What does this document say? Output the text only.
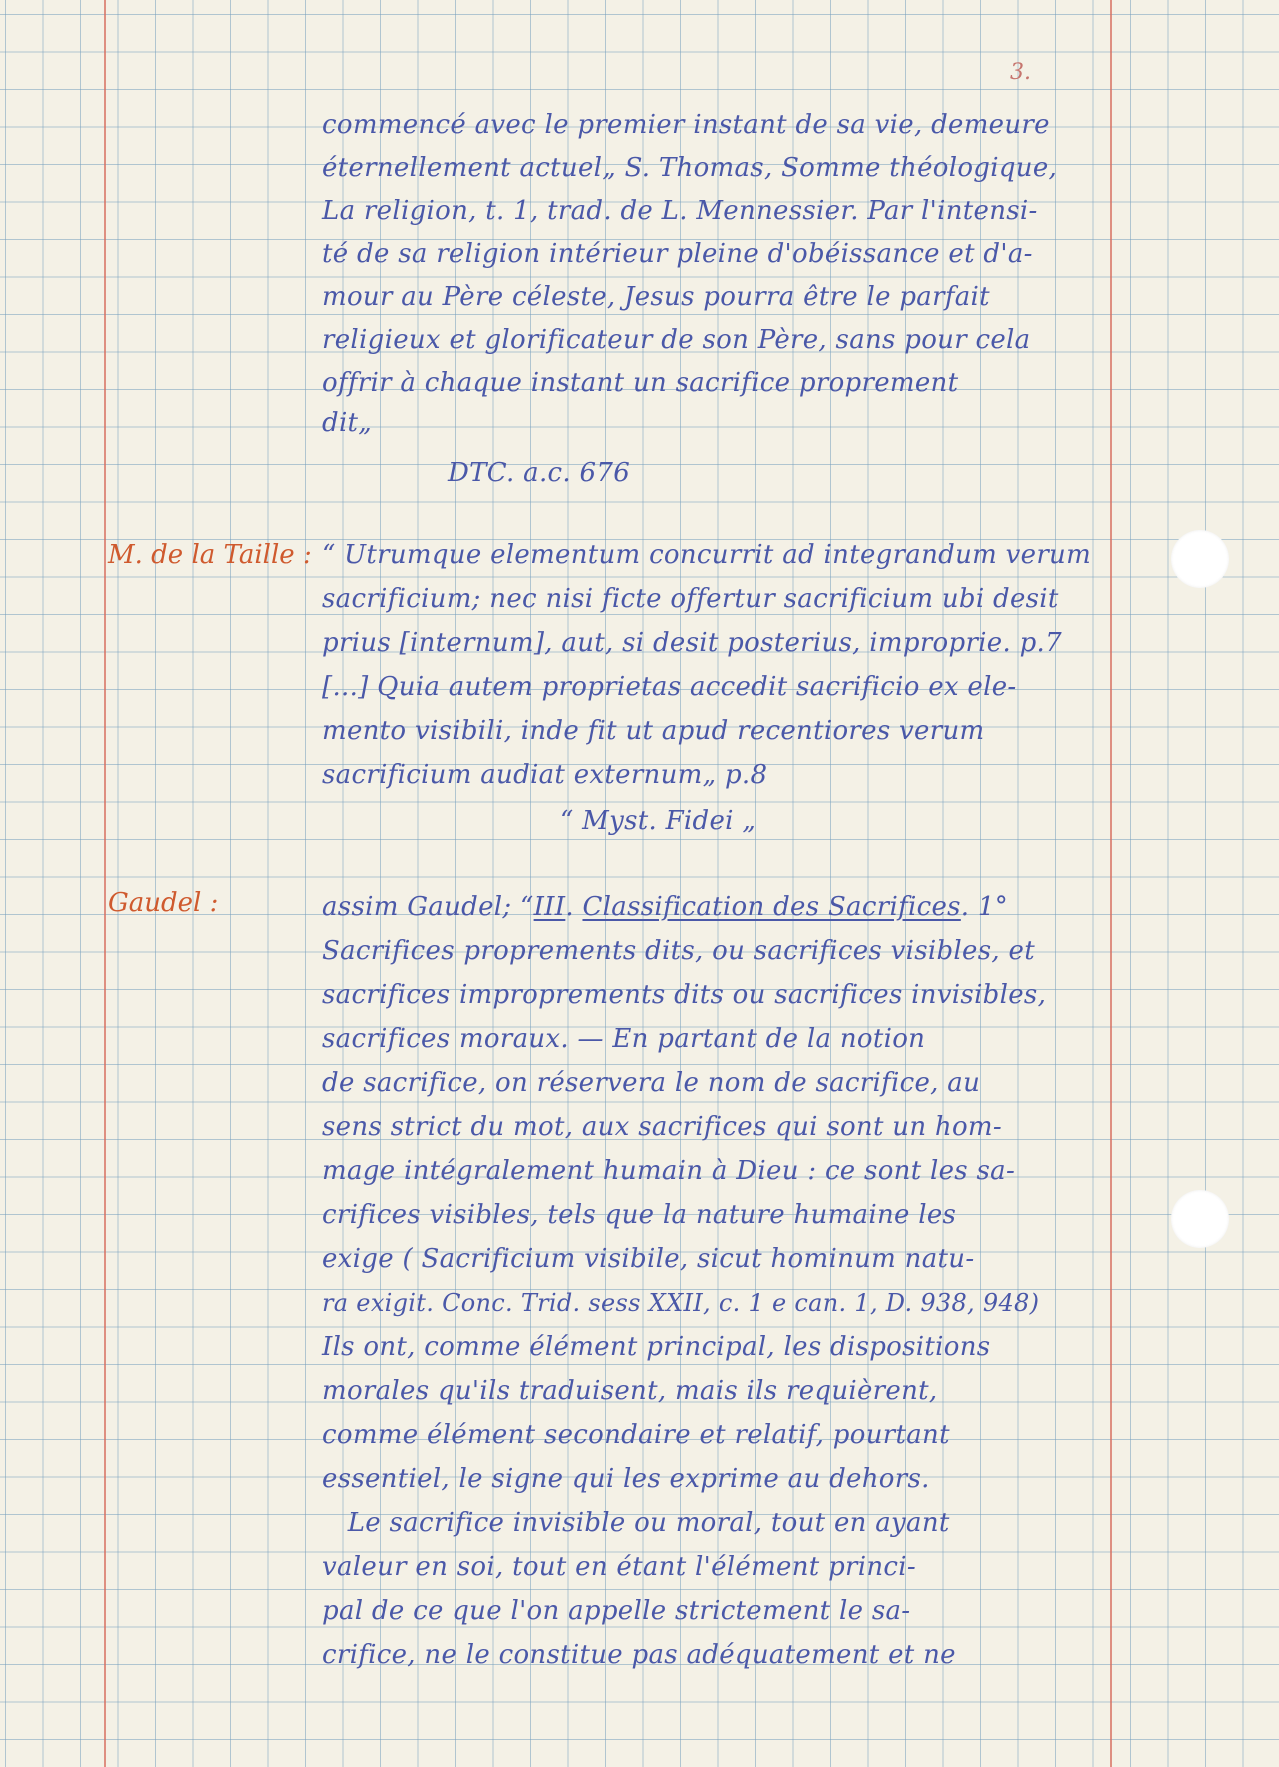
3.
commencé avec le premier instant de sa vie, demeure
éternellement actuel„ S. Thomas, Somme théologique,
La religion, t. 1, trad. de L. Mennessier. Par l'intensi-
té de sa religion intérieur pleine d'obéissance et d'a-
mour au Père céleste, Jesus pourra être le parfait
religieux et glorificateur de son Père, sans pour cela
offrir à chaque instant un sacrifice proprement
dit„
DTC. a.c. 676
M. de la Taille : “ Utrumque elementum concurrit ad integrandum verum
sacrificium; nec nisi ficte offertur sacrificium ubi desit
prius [internum], aut, si desit posterius, improprie. p.7
[...] Quia autem proprietas accedit sacrificio ex ele-
mento visibili, inde fit ut apud recentiores verum
sacrificium audiat externum„ p.8
“ Myst. Fidei „
Gaudel :	assim Gaudel; “III. Classification des Sacrifices. 1°
Sacrifices proprements dits, ou sacrifices visibles, et
sacrifices improprements dits ou sacrifices invisibles,
sacrifices moraux. — En partant de la notion
de sacrifice, on réservera le nom de sacrifice, au
sens strict du mot, aux sacrifices qui sont un hom-
mage intégralement humain à Dieu : ce sont les sa-
crifices visibles, tels que la nature humaine les
exige ( Sacrificium visibile, sicut hominum natu-
ra exigit. Conc. Trid. sess XXII, c. 1 e can. 1, D. 938, 948)
Ils ont, comme élément principal, les dispositions
morales qu'ils traduisent, mais ils requièrent,
comme élément secondaire et relatif, pourtant
essentiel, le signe qui les exprime au dehors.
Le sacrifice invisible ou moral, tout en ayant
valeur en soi, tout en étant l'élément princi-
pal de ce que l'on appelle strictement le sa-
crifice, ne le constitue pas adéquatement et ne
